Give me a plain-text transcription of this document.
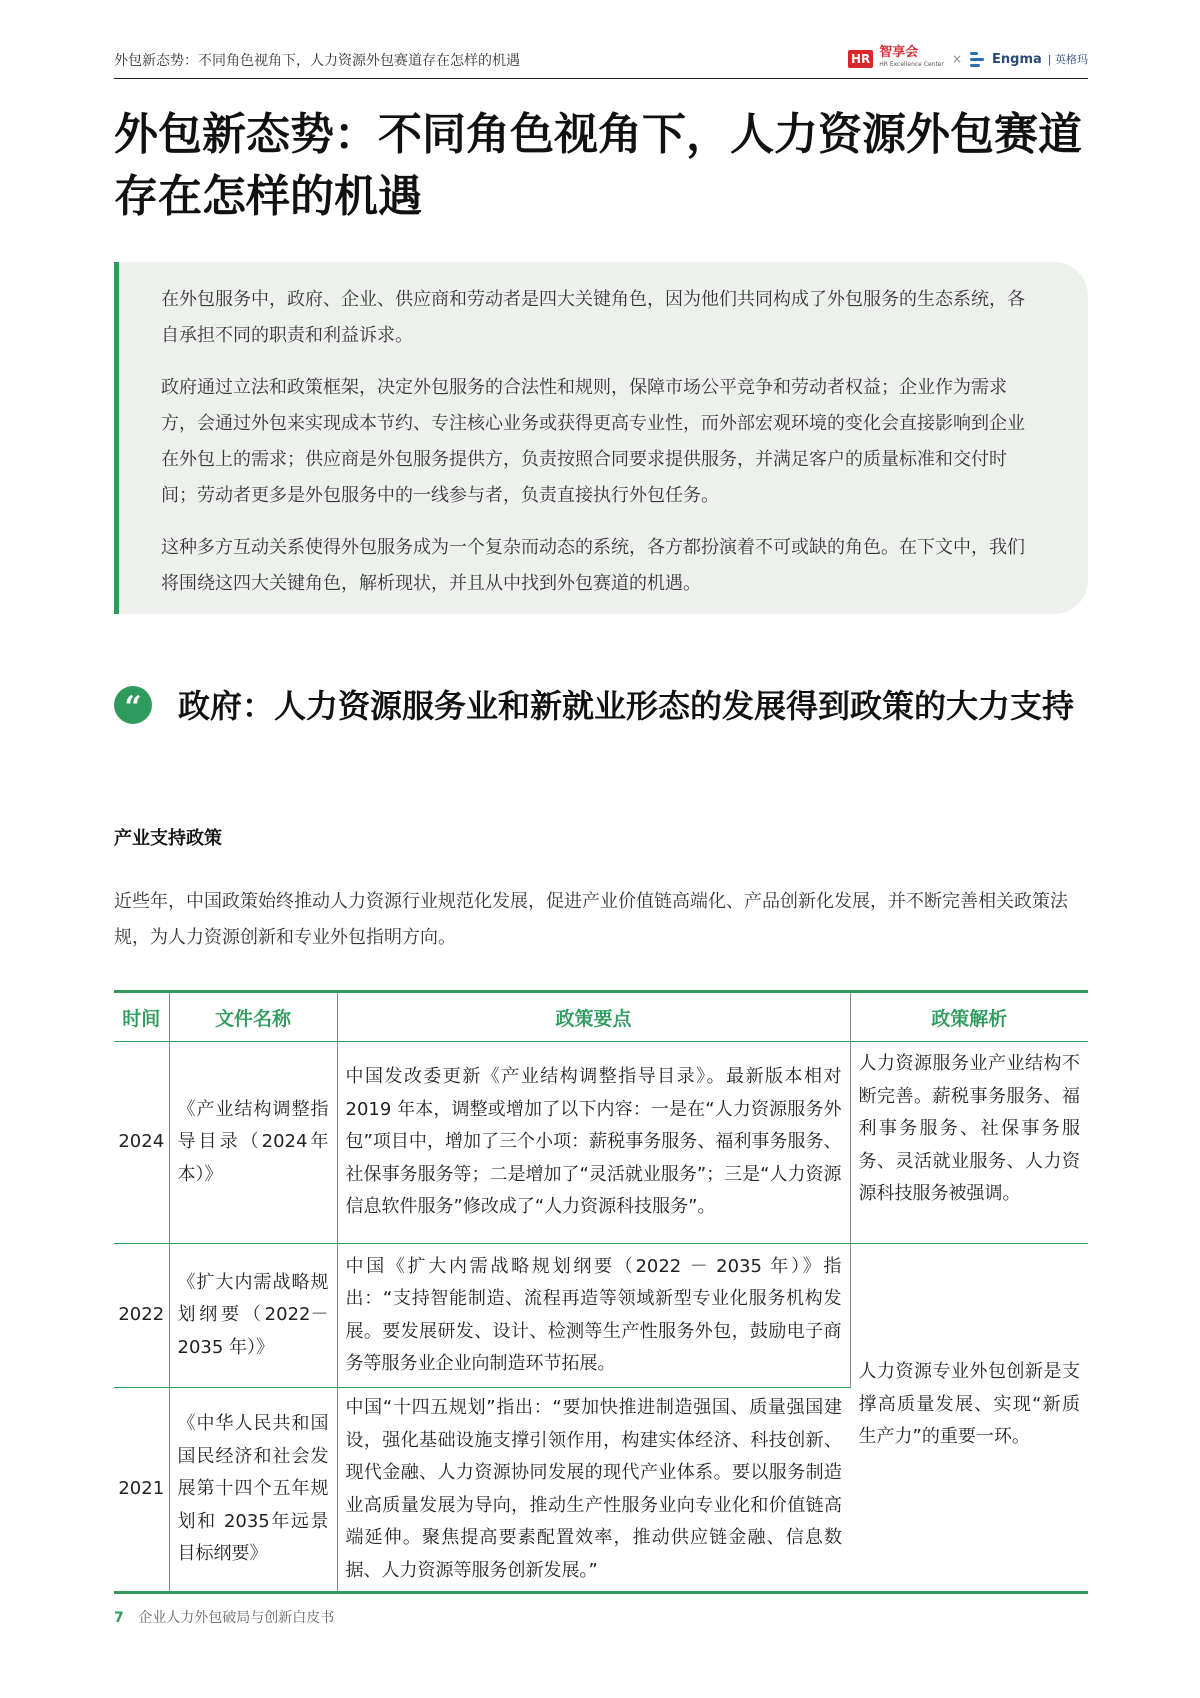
外包新态势：不同角色视角下，人力资源外包赛道存在怎样的机遇	HR 智享会
HR Excellence Center × Engma | 英格玛
外包新态势：不同角色视角下，人力资源外包赛道
存在怎样的机遇

在外包服务中，政府、企业、供应商和劳动者是四大关键角色，因为他们共同构成了外包服务的生态系统，各自承担不同的职责和利益诉求。

政府通过立法和政策框架，决定外包服务的合法性和规则，保障市场公平竞争和劳动者权益；企业作为需求方，会通过外包来实现成本节约、专注核心业务或获得更高专业性，而外部宏观环境的变化会直接影响到企业在外包上的需求；供应商是外包服务提供方，负责按照合同要求提供服务，并满足客户的质量标准和交付时间；劳动者更多是外包服务中的一线参与者，负责直接执行外包任务。

这种多方互动关系使得外包服务成为一个复杂而动态的系统，各方都扮演着不可或缺的角色。在下文中，我们将围绕这四大关键角色，解析现状，并且从中找到外包赛道的机遇。

“	政府：人力资源服务业和新就业形态的发展得到政策的大力支持
产业支持政策
近些年，中国政策始终推动人力资源行业规范化发展，促进产业价值链高端化、产品创新化发展，并不断完善相关政策法规，为人力资源创新和专业外包指明方向。
时间	文件名称	政策要点	政策解析
2024	《产业结构调整指导目录（2024年本）》	中国发改委更新《产业结构调整指导目录》。最新版本相对 2019 年本，调整或增加了以下内容：一是在“人力资源服务外包”项目中，增加了三个小项：薪税事务服务、福利事务服务、社保事务服务等；二是增加了“灵活就业服务”；三是“人力资源信息软件服务”修改成了“人力资源科技服务”。	人力资源服务业产业结构不断完善。薪税事务服务、福利事务服务、社保事务服务、灵活就业服务、人力资源科技服务被强调。
2022	《扩大内需战略规划纲要（2022－2035 年）》	中国《扩大内需战略规划纲要（2022 － 2035 年）》指出：“支持智能制造、流程再造等领域新型专业化服务机构发展。要发展研发、设计、检测等生产性服务外包，鼓励电子商务等服务业企业向制造环节拓展。	人力资源专业外包创新是支撑高质量发展、实现“新质生产力”的重要一环。
2021	《中华人民共和国国民经济和社会发展第十四个五年规划和 2035年远景目标纲要》	中国“十四五规划”指出：“要加快推进制造强国、质量强国建设，强化基础设施支撑引领作用，构建实体经济、科技创新、现代金融、人力资源协同发展的现代产业体系。要以服务制造业高质量发展为导向，推动生产性服务业向专业化和价值链高端延伸。聚焦提高要素配置效率，推动供应链金融、信息数据、人力资源等服务创新发展。”	
7 企业人力外包破局与创新白皮书
